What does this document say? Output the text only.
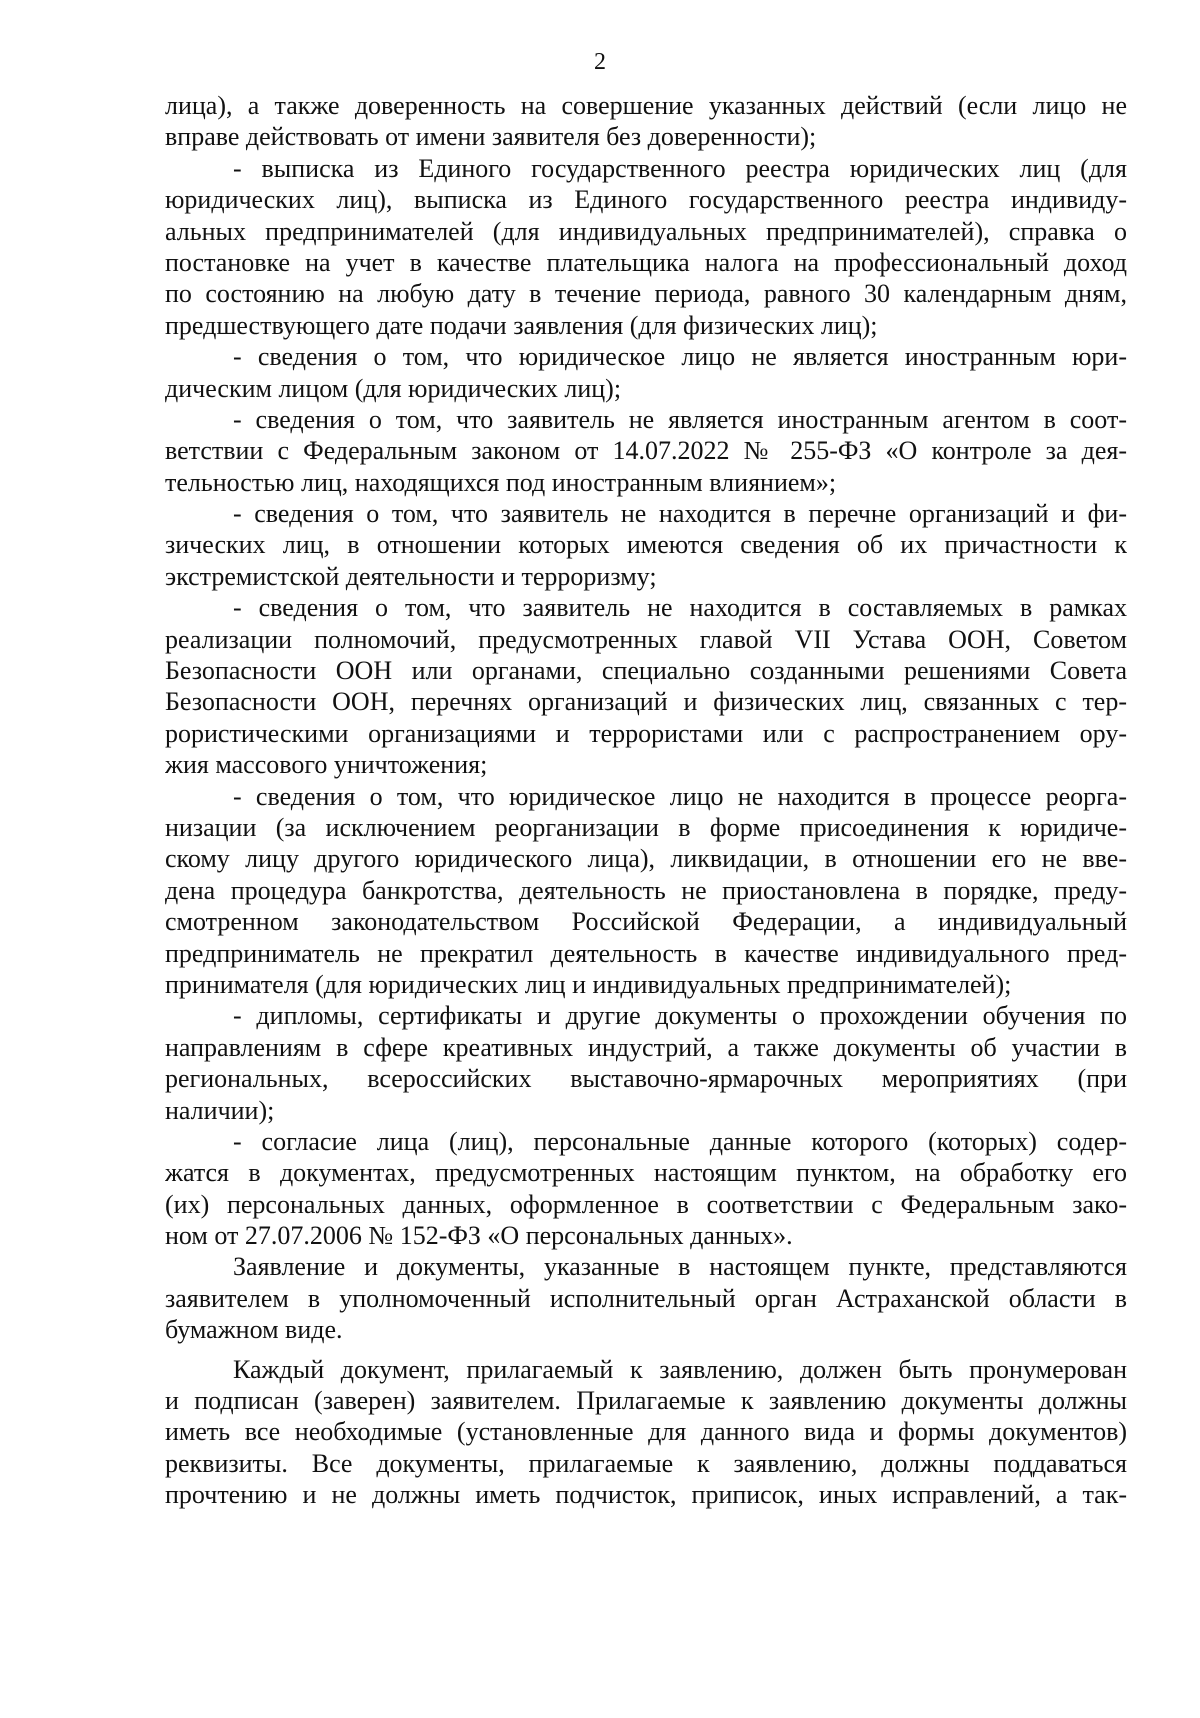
2
лица), а также доверенность на совершение указанных действий (если лицо не
вправе действовать от имени заявителя без доверенности);
- выписка из Единого государственного реестра юридических лиц (для
юридических лиц), выписка из Единого государственного реестра индивиду-
альных предпринимателей (для индивидуальных предпринимателей), справка о
постановке на учет в качестве плательщика налога на профессиональный доход
по состоянию на любую дату в течение периода, равного 30 календарным дням,
предшествующего дате подачи заявления (для физических лиц);
- сведения о том, что юридическое лицо не является иностранным юри-
дическим лицом (для юридических лиц);
- сведения о том, что заявитель не является иностранным агентом в соот-
ветствии с Федеральным законом от 14.07.2022 № 255-ФЗ «О контроле за дея-
тельностью лиц, находящихся под иностранным влиянием»;
- сведения о том, что заявитель не находится в перечне организаций и фи-
зических лиц, в отношении которых имеются сведения об их причастности к
экстремистской деятельности и терроризму;
- сведения о том, что заявитель не находится в составляемых в рамках
реализации полномочий, предусмотренных главой VII Устава ООН, Советом
Безопасности ООН или органами, специально созданными решениями Совета
Безопасности ООН, перечнях организаций и физических лиц, связанных с тер-
рористическими организациями и террористами или с распространением ору-
жия массового уничтожения;
- сведения о том, что юридическое лицо не находится в процессе реорга-
низации (за исключением реорганизации в форме присоединения к юридиче-
скому лицу другого юридического лица), ликвидации, в отношении его не вве-
дена процедура банкротства, деятельность не приостановлена в порядке, преду-
смотренном законодательством Российской Федерации, а индивидуальный
предприниматель не прекратил деятельность в качестве индивидуального пред-
принимателя (для юридических лиц и индивидуальных предпринимателей);
- дипломы, сертификаты и другие документы о прохождении обучения по
направлениям в сфере креативных индустрий, а также документы об участии в
региональных, всероссийских выставочно-ярмарочных мероприятиях (при
наличии);
- согласие лица (лиц), персональные данные которого (которых) содер-
жатся в документах, предусмотренных настоящим пунктом, на обработку его
(их) персональных данных, оформленное в соответствии с Федеральным зако-
ном от 27.07.2006 № 152-ФЗ «О персональных данных».
Заявление и документы, указанные в настоящем пункте, представляются
заявителем в уполномоченный исполнительный орган Астраханской области в
бумажном виде.
Каждый документ, прилагаемый к заявлению, должен быть пронумерован
и подписан (заверен) заявителем. Прилагаемые к заявлению документы должны
иметь все необходимые (установленные для данного вида и формы документов)
реквизиты. Все документы, прилагаемые к заявлению, должны поддаваться
прочтению и не должны иметь подчисток, приписок, иных исправлений, а так-
